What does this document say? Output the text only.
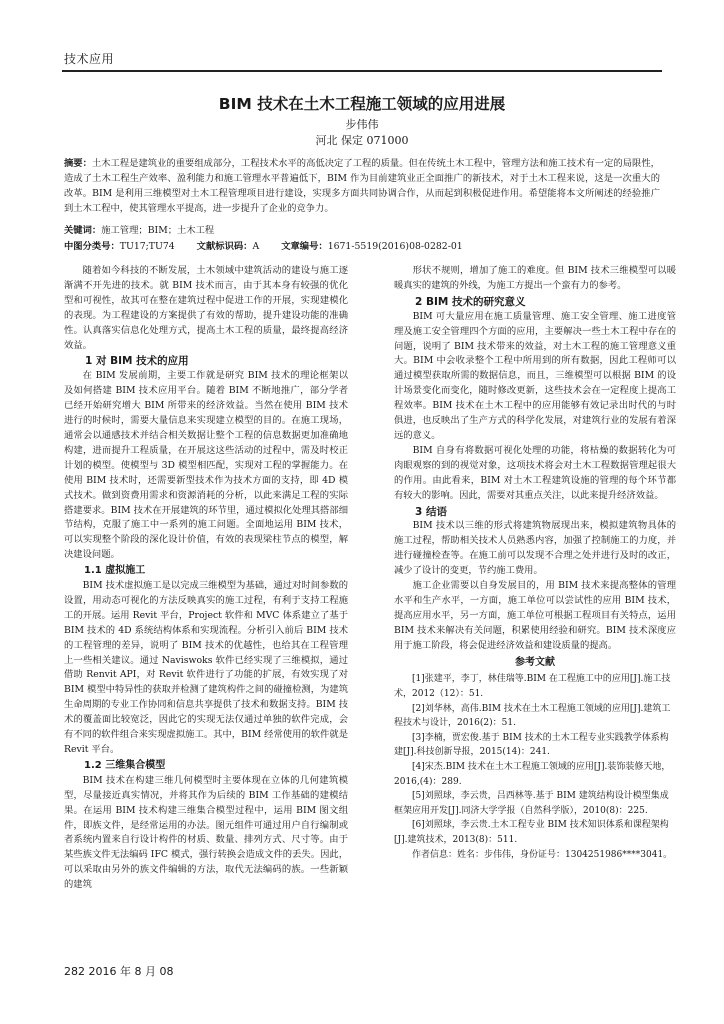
技术应用
BIM 技术在土木工程施工领域的应用进展
步伟伟
河北 保定 071000
摘要：土木工程是建筑业的重要组成部分，工程技术水平的高低决定了工程的质量。但在传统土木工程中，管理方法和施工技术有一定的局限性，造成了土木工程生产效率、盈利能力和施工管理水平普遍低下，BIM 作为目前建筑业正全面推广的新技术，对于土木工程来说，这是一次重大的改革。BIM 是利用三维模型对土木工程管理项目进行建设，实现多方面共同协调合作，从而起到积极促进作用。希望能将本文所阐述的经验推广到土木工程中，使其管理水平提高，进一步提升了企业的竞争力。
关键词：施工管理；BIM；土木工程
中图分类号：TU17;TU74 文献标识码：A 文章编号：1671-5519(2016)08-0282-01

随着如今科技的不断发展，土木领域中建筑活动的建设与施工逐渐满不开先进的技术。就 BIM 技术而言，由于其本身有较强的优化型和可视性，故其可在整在建筑过程中促进工作的开展，实现建模化的表现。为工程建设的方案提供了有效的帮助，提升建设功能的准确性。认真落实信息化处理方式，提高土木工程的质量，最终提高经济效益。

1 对 BIM 技术的应用

在 BIM 发展前期，主要工作就是研究 BIM 技术的理论框架以及如何搭建 BIM 技术应用平台。随着 BIM 不断地推广，部分学者已经开始研究增大 BIM 所带来的经济效益。当然在使用 BIM 技术进行的时候时，需要大量信息来实现建立模型的目的。在施工现场，通常会以通感技术并结合相关数据让整个工程的信息数据更加准确地构建，进而提升工程质量，在开展这这些活动的过程中，需及时校正计划的模型。使模型与 3D 模型相匹配，实现对工程的掌握能力。在使用 BIM 技术时，还需要新型技术作为技术方面的支持，即 4D 模式技术。做到资费用需求和资源消耗的分析，以此来满足工程的实际搭建要求。BIM 技术在开展建筑的环节里，通过模拟化处理其搭部细节结构，克服了施工中一系列的施工问题。全面地运用 BIM 技术，可以实现整个阶段的深化设计价值，有效的表现梁柱节点的模型，解决建设问题。

1.1 虚拟施工

BIM 技术虚拟施工是以完成三维模型为基础，通过对时间参数的设置，用动态可视化的方法反映真实的施工过程，有利于支持工程施工的开展。运用 Revit 平台，Project 软件和 MVC 体系建立了基于 BIM 技术的 4D 系统结构体系和实现流程。分析引入前后 BIM 技术的工程管理的差异，说明了 BIM 技术的优越性，也给其在工程管理上一些相关建议。通过 Naviswoks 软件已经实现了三维模拟，通过借助 Renvit API，对 Revit 软件进行了功能的扩展，有效实现了对 BIM 模型中特异性的获取并检测了建筑构件之间的碰撞检测，为建筑生命周期的专业工作协同和信息共享提供了技术和数据支持。BIM 技术的覆盖面比较宽泛，因此它的实现无法仅通过单独的软件完成，会有不同的软件组合来实现虚拟施工。其中，BIM 经常使用的软件就是 Revit 平台。

1.2 三维集合模型

BIM 技术在构建三维几何模型时主要体现在立体的几何建筑模型，尽量接近真实情况，并将其作为后续的 BIM 工作基础的建模结果。在运用 BIM 技术构建三维集合模型过程中，运用 BIM 图文组件，即族文件，是经常运用的办法。图元组件可通过用户自行编制或者系统内置来自行设计构件的材质、数量、排列方式、尺寸等。由于某些族文件无法编码 IFC 模式，强行转换会造成文件的丢失。因此，可以采取由另外的族文件编辑的方法，取代无法编码的族。一些新颖的建筑

形状不规则，增加了施工的难度。但 BIM 技术三维模型可以暖暖真实的建筑的外线，为施工方提出一个蛮有力的参考。

2 BIM 技术的研究意义

BIM 可大量应用在施工质量管理、施工安全管理、施工进度管理及施工安全管理四个方面的应用，主要解决一些土木工程中存在的问题，说明了 BIM 技术带来的效益，对土木工程的施工管理意义重大。BIM 中会收录整个工程中所用到的所有数据，因此工程师可以通过模型获取所需的数据信息，而且，三维模型可以根据 BIM 的设计场景变化而变化，随时修改更新，这些技术会在一定程度上提高工程效率。BIM 技术在土木工程中的应用能够有效记录出时代的与时俱进，也反映出了生产方式的科学化发展，对建筑行业的发展有着深远的意义。

BIM 自身有将数据可视化处理的功能，将枯燥的数据转化为可肉眼观察的到的视觉对象，这项技术将会对土木工程数据管理起很大的作用。由此看来，BIM 对土木工程建筑设施的管理的每个环节都有较大的影响。因此，需要对其重点关注，以此来提升经济效益。

3 结语

BIM 技术以三维的形式将建筑物展现出来，模拟建筑物具体的施工过程，帮助相关技术人员熟悉内容，加强了控制施工的力度，并进行碰撞检查等。在施工前可以发现不合理之处并进行及时的改正，减少了设计的变更，节约施工费用。

施工企业需要以自身发展目的，用 BIM 技术来提高整体的管理水平和生产水平，一方面，施工单位可以尝试性的应用 BIM 技术，提高应用水平，另一方面，施工单位可根据工程项目有关特点，运用 BIM 技术来解决有关问题，积累使用经验和研究。BIM 技术深度应用于施工阶段，将会促进经济效益和建设质量的提高。

参考文献

[1]张建平，李丁，林佳瑞等.BIM 在工程施工中的应用[J].施工技术，2012（12）：51.

[2]刘华林，高伟.BIM 技术在土木工程施工领域的应用[J].建筑工程技术与设计，2016(2)：51.

[3]李楠，贾宏俊.基于 BIM 技术的土木工程专业实践教学体系构建[J].科技创新导报，2015(14)：241.

[4]宋杰.BIM 技术在土木工程施工领域的应用[J].装饰装修天地，2016,(4)：289.

[5]刘照球，李云贵，吕西林等.基于 BIM 建筑结构设计模型集成框架应用开发[J].同济大学学报（自然科学版），2010(8)：225.

[6]刘照球，李云贵.土木工程专业 BIM 技术知识体系和课程架构[J].建筑技术，2013(8)：511.

作者信息：姓名：步伟伟，身份证号：1304251986****3041。

282 2016 年 8 月 08
